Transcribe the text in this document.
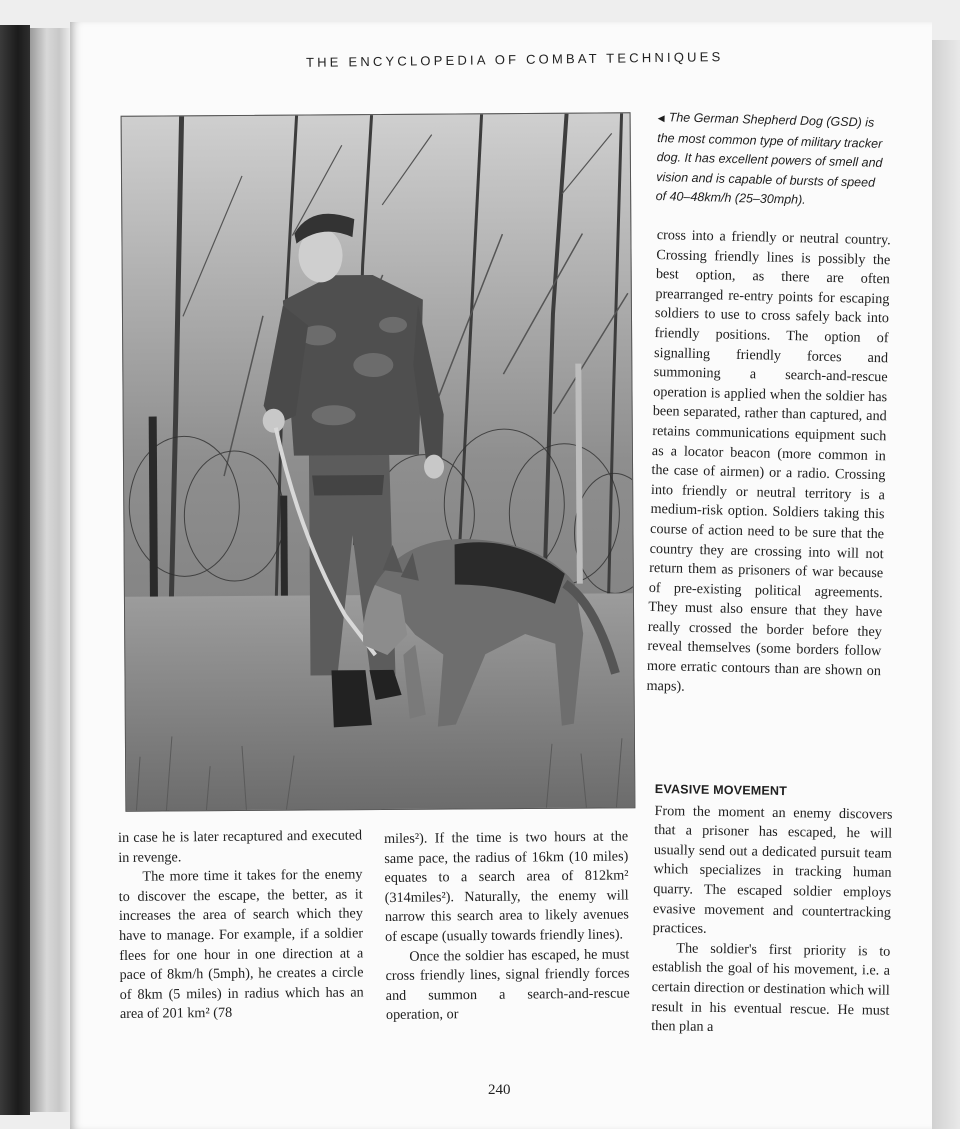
THE ENCYCLOPEDIA OF COMBAT TECHNIQUES
◀ The German Shepherd Dog (GSD) is the most common type of military tracker dog. It has excellent powers of smell and vision and is capable of bursts of speed of 40–48km/h (25–30mph).

cross into a friendly or neutral country. Crossing friendly lines is possibly the best option, as there are often prearranged re-entry points for escaping soldiers to use to cross safely back into friendly positions. The option of signalling friendly forces and summoning a search-and-rescue operation is applied when the soldier has been separated, rather than captured, and retains communications equipment such as a locator beacon (more common in the case of airmen) or a radio. Crossing into friendly or neutral territory is a medium-risk option. Soldiers taking this course of action need to be sure that the country they are crossing into will not return them as prisoners of war because of pre-existing political agreements. They must also ensure that they have really crossed the border before they reveal themselves (some borders follow more erratic contours than are shown on maps).

EVASIVE MOVEMENT

From the moment an enemy discovers that a prisoner has escaped, he will usually send out a dedicated pursuit team which specializes in tracking human quarry. The escaped soldier employs evasive movement and countertracking practices.

The soldier's first priority is to establish the goal of his movement, i.e. a certain direction or destination which will result in his eventual rescue. He must then plan a

in case he is later recaptured and executed in revenge.

The more time it takes for the enemy to discover the escape, the better, as it increases the area of search which they have to manage. For example, if a soldier flees for one hour in one direction at a pace of 8km/h (5mph), he creates a circle of 8km (5 miles) in radius which has an area of 201 km² (78

miles²). If the time is two hours at the same pace, the radius of 16km (10 miles) equates to a search area of 812km² (314miles²). Naturally, the enemy will narrow this search area to likely avenues of escape (usually towards friendly lines).

Once the soldier has escaped, he must cross friendly lines, signal friendly forces and summon a search-and-rescue operation, or

240
